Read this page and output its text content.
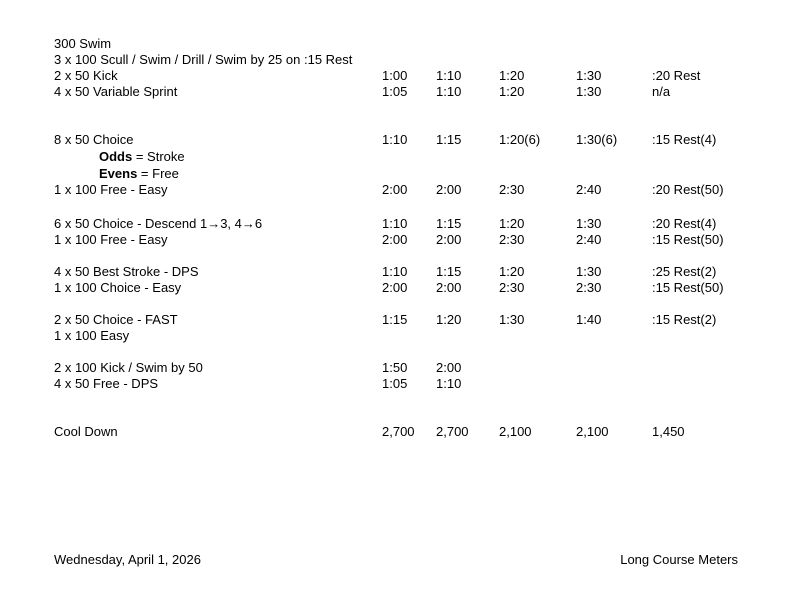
300 Swim
3 x 100 Scull / Swim / Drill / Swim by 25 on :15 Rest
2 x 50 Kick	1:00 1:10	1:20	1:30	:20 Rest
4 x 50 Variable Sprint	1:05 1:10	1:20	1:30	n/a
8 x 50 Choice	1:10 1:15	1:20(6)	1:30(6)	:15 Rest(4)
Odds = Stroke
Evens = Free
1 x 100 Free - Easy	2:00 2:00	2:30	2:40	:20 Rest(50)
6 x 50 Choice - Descend 1→3, 4→6	1:10 1:15	1:20	1:30	:20 Rest(4)
1 x 100 Free - Easy	2:00 2:00	2:30	2:40	:15 Rest(50)
4 x 50 Best Stroke - DPS	1:10 1:15	1:20	1:30	:25 Rest(2)
1 x 100 Choice - Easy	2:00 2:00	2:30	2:30	:15 Rest(50)
2 x 50 Choice - FAST	1:15 1:20	1:30	1:40	:15 Rest(2)
1 x 100 Easy
2 x 100 Kick / Swim by 50	1:50 2:00
4 x 50 Free - DPS	1:05 1:10
Cool Down	2,700 2,700 2,100	2,100	1,450
Wednesday, April 1, 2026	Long Course Meters
